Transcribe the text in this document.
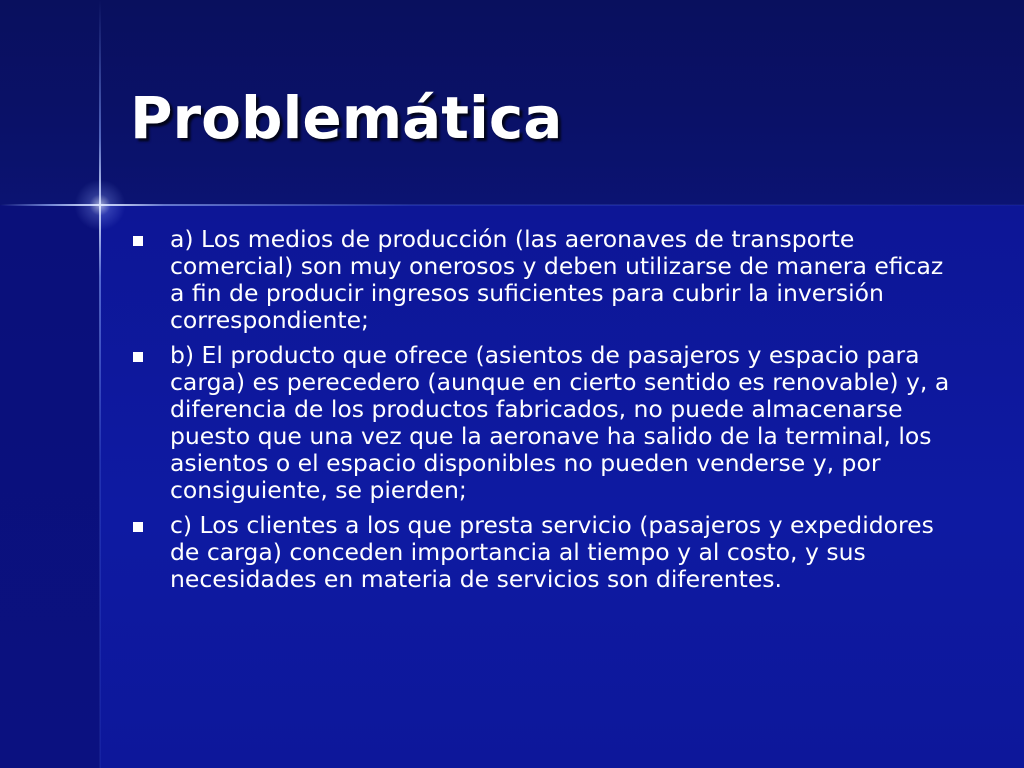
Problemática
a) Los medios de producción (las aeronaves de transporte comercial) son muy onerosos y deben utilizarse de manera eficaz a fin de producir ingresos suficientes para cubrir la inversión correspondiente;
b) El producto que ofrece (asientos de pasajeros y espacio para carga) es perecedero (aunque en cierto sentido es renovable) y, a diferencia de los productos fabricados, no puede almacenarse puesto que una vez que la aeronave ha salido de la terminal, los asientos o el espacio disponibles no pueden venderse y, por consiguiente, se pierden;
c) Los clientes a los que presta servicio (pasajeros y expedidores de carga) conceden importancia al tiempo y al costo, y sus necesidades en materia de servicios son diferentes.
